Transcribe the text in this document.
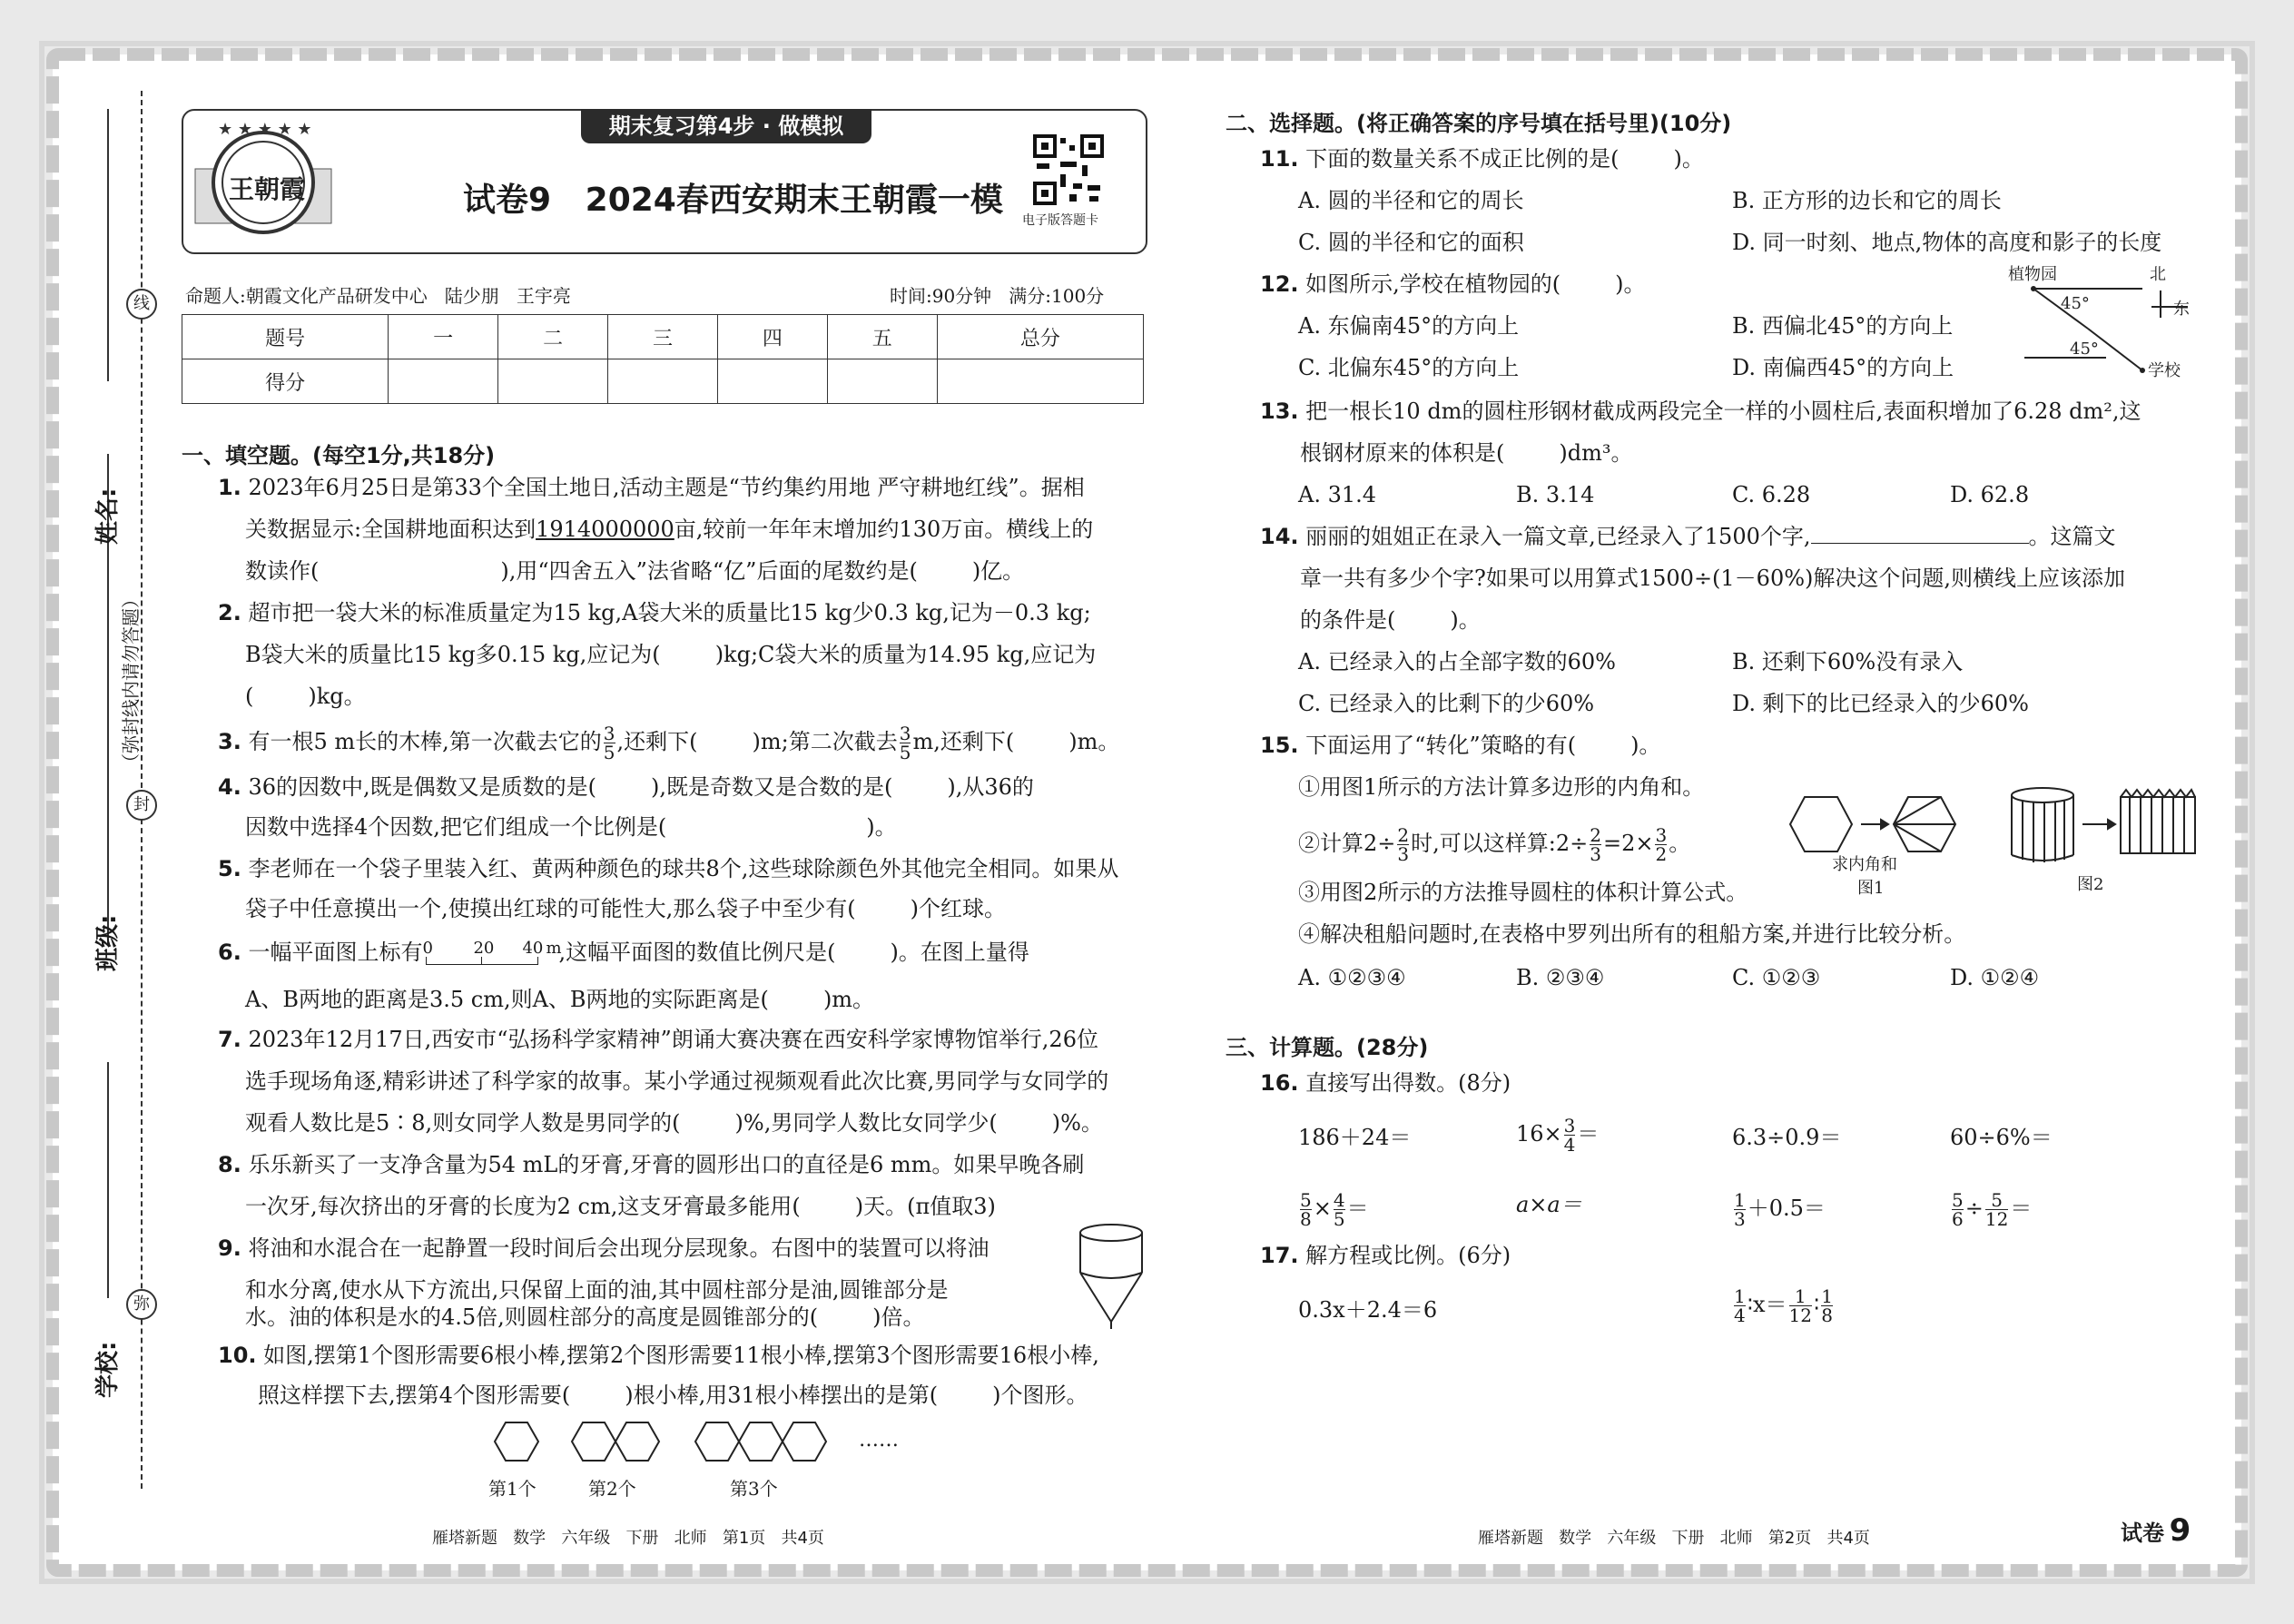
姓名:
班级:
学校:
线
封
弥
（弥封线内请勿答题）
期末复习第4步 · 做模拟
★ ★ ★ ★ ★
王朝霞	试卷9   2024春西安期末王朝霞一模
电子版答题卡
命题人:朝霞文化产品研发中心   陆少朋   王宇亮	时间:90分钟   满分:100分
题号	一	二	三	四	五	总分
得分						
一、填空题。(每空1分,共18分)
1. 2023年6月25日是第33个全国土地日,活动主题是“节约集约用地 严守耕地红线”。据相
关数据显示:全国耕地面积达到1914000000亩,较前一年年末增加约130万亩。横线上的
数读作(	),用“四舍五入”法省略“亿”后面的尾数约是(	)亿。
2. 超市把一袋大米的标准质量定为15 kg,A袋大米的质量比15 kg少0.3 kg,记为－0.3 kg;
B袋大米的质量比15 kg多0.15 kg,应记为(	)kg;C袋大米的质量为14.95 kg,应记为
(	)kg。
3. 有一根5 m长的木棒,第一次截去它的 $\frac{3}{5}$ ,还剩下(	)m;第二次截去 $\frac{3}{5} m$,还剩下(	)m。
4. 36的因数中,既是偶数又是质数的是(	),既是奇数又是合数的是(	),从36的
因数中选择4个因数,把它们组成一个比例是(	)。
5. 李老师在一个袋子里装入红、黄两种颜色的球共8个,这些球除颜色外其他完全相同。如果从
袋子中任意摸出一个,使摸出红球的可能性大,那么袋子中至少有(	)个红球。
6. 一幅平面图上标有 0 20 40 m
,这幅平面图的数值比例尺是(	)。在图上量得
A、B两地的距离是3.5 cm,则A、B两地的实际距离是(	)m。
7. 2023年12月17日,西安市“弘扬科学家精神”朗诵大赛决赛在西安科学家博物馆举行,26位
选手现场角逐,精彩讲述了科学家的故事。某小学通过视频观看此次比赛,男同学与女同学的
观看人数比是5∶8,则女同学人数是男同学的(	)%,男同学人数比女同学少(	)%。
8. 乐乐新买了一支净含量为54 mL的牙膏,牙膏的圆形出口的直径是6 mm。如果早晚各刷
一次牙,每次挤出的牙膏的长度为2 cm,这支牙膏最多能用(	)天。(π值取3)
9. 将油和水混合在一起静置一段时间后会出现分层现象。右图中的装置可以将油
和水分离,使水从下方流出,只保留上面的油,其中圆柱部分是油,圆锥部分是
水。油的体积是水的4.5倍,则圆柱部分的高度是圆锥部分的(	)倍。
10. 如图,摆第1个图形需要6根小棒,摆第2个图形需要11根小棒,摆第3个图形需要16根小棒,
照这样摆下去,摆第4个图形需要(	)根小棒,用31根小棒摆出的是第(	)个图形。
第1个	第2个	第3个
……
二、选择题。(将正确答案的序号填在括号里)(10分)
11. 下面的数量关系不成正比例的是(	)。
A. 圆的半径和它的周长	B. 正方形的边长和它的周长
C. 圆的半径和它的面积	D. 同一时刻、地点,物体的高度和影子的长度
12. 如图所示,学校在植物园的(	)。
A. 东偏南45°的方向上	B. 西偏北45°的方向上
C. 北偏东45°的方向上	D. 南偏西45°的方向上
植物园	北
东
45°
45°
学校
13. 把一根长10 dm的圆柱形钢材截成两段完全一样的小圆柱后,表面积增加了6.28 dm²,这
根钢材原来的体积是(	)dm³。
A. 31.4	B. 3.14	C. 6.28	D. 62.8
14. 丽丽的姐姐正在录入一篇文章,已经录入了1500个字,	。这篇文
章一共有多少个字?如果可以用算式1500÷(1－60%)解决这个问题,则横线上应该添加
的条件是(	)。
A. 已经录入的占全部字数的60%	B. 还剩下60%没有录入
C. 已经录入的比剩下的少60%	D. 剩下的比已经录入的少60%
15. 下面运用了“转化”策略的有(	)。
①用图1所示的方法计算多边形的内角和。
②计算$2\div \frac{2}{3}$ 时,可以这样算:2÷ $\frac{2}{3} =2\times \frac{3}{2}$ 。
③用图2所示的方法推导圆柱的体积计算公式。
④解决租船问题时,在表格中罗列出所有的租船方案,并进行比较分析。
A. ①②③④	B. ②③④	C. ①②③	D. ①②④
求内角和
图1	图2
三、计算题。(28分)
16. 直接写出得数。(8分)
186＋24＝	$16\times \frac{3}{4}$ ＝	6.3÷0.9＝	60÷6%＝
$\frac{5}{8} \times \frac{4}{5}$ ＝	a×a＝	$\frac{1}{3} +0.5=$	$\frac{5}{6} \div \frac{5}{12}$ ＝
17. 解方程或比例。(6分)
0.3x＋2.4＝6	$\frac{1}{4}$ ∶x＝ $\frac{1}{12}$ ∶ $\frac{1}{8}$
雁塔新题   数学   六年级   下册   北师   第1页   共4页	雁塔新题   数学   六年级   下册   北师   第2页   共4页	试卷 9
